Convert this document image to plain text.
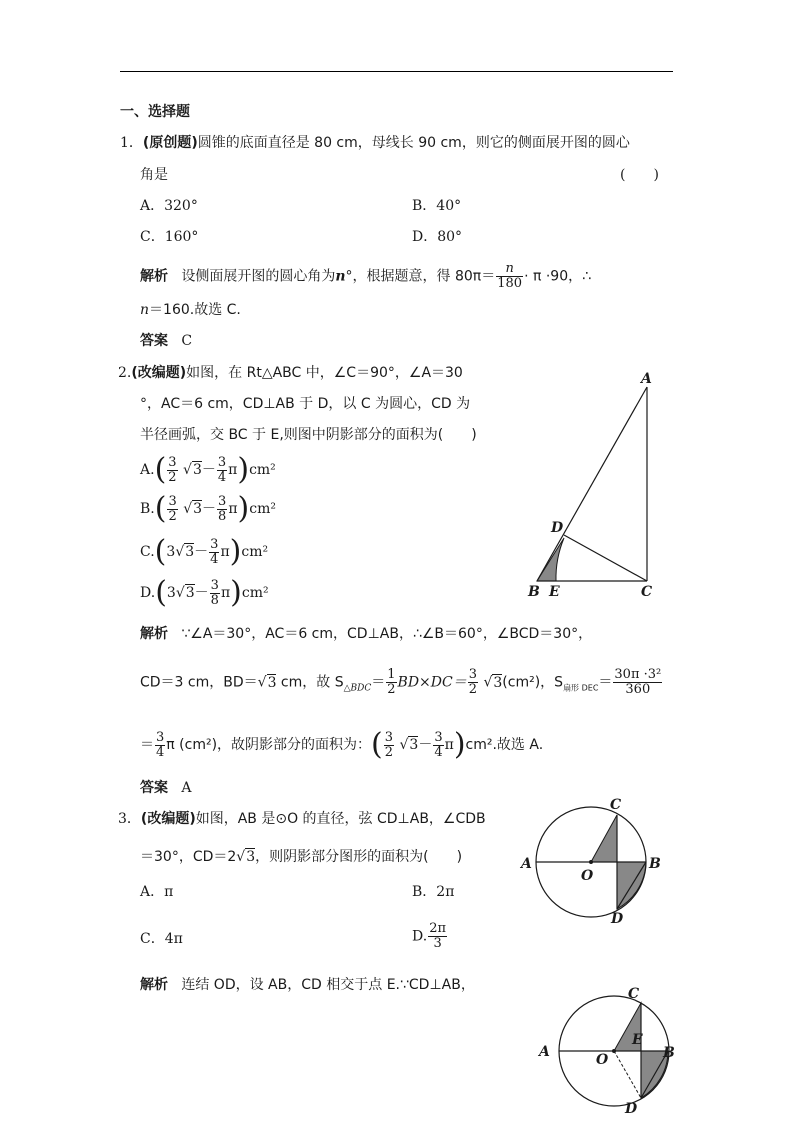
一、选择题
1．(原创题)圆锥的底面直径是 80 cm，母线长 90 cm，则它的侧面展开图的圆心
角是	(　　)
A．320°	B．40°
C．160°	D．80°
解析 设侧面展开图的圆心角为n°，根据题意，得 $80\pi= \frac{n}{180} \cdot \pi \cdot 90$，∴
n＝160.故选 C.
答案 C
2.(改编题)如图，在 Rt△ABC 中，∠C＝90°，∠A＝30
°，AC＝6 cm，CD⊥AB 于 D，以 C 为圆心，CD 为
半径画弧，交 BC 于 E,则图中阴影部分的面积为(　　)
$A.( \frac{3}{2} √3- \frac{3}{4} \pi)cm^2$
$B.( \frac{3}{2} √3- \frac{3}{8} \pi)cm^2$
$C.(3√3- \frac{3}{4} \pi)cm^2$
$D.(3√3- \frac{3}{8} \pi)cm^2$
A
B E	C
D
解析 ∵∠A＝30°，AC＝6 cm，CD⊥AB，∴∠B＝60°，∠BCD＝30°，
CD＝3 cm，BD＝√3 cm，故 $S_{\triangle BDC}= \frac{1}{2} BD\times DC= \frac{3}{2} √3(cm^2)$，$S_{扇形 DEC}= \frac{\text{30π ·3²}}{360}$
＝ $\frac{3}{4}$ π (cm²)，故阴影部分的面积为：( $\frac{3}{2} √3- \frac{3}{4} \pi)cm^2$.故选 A.
答案 A
3．(改编题)如图，AB 是⊙O 的直径，弦 CD⊥AB，∠CDB
＝30°，CD＝2√3，则阴影部分图形的面积为(　　)
A．π	B．2π
C．4π	D. $\frac{2\pi}{3}$
解析 连结 OD，设 AB，CD 相交于点 E.∵CD⊥AB，
C
A
O
B
D
C
E
A	O	B
D
